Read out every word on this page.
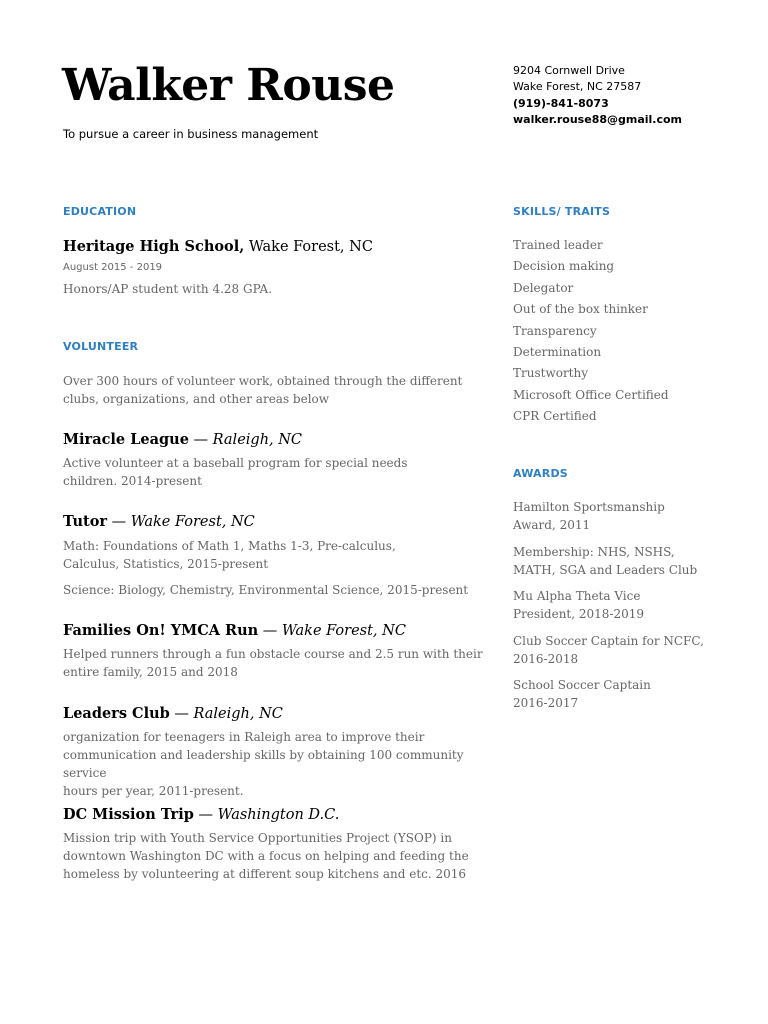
Walker Rouse
To pursue a career in business management
9204 Cornwell Drive
Wake Forest, NC 27587
(919)-841-8073
walker.rouse88@gmail.com
EDUCATION
Heritage High School, Wake Forest, NC
August 2015 - 2019
Honors/AP student with 4.28 GPA.
VOLUNTEER
Over 300 hours of volunteer work, obtained through the different clubs, organizations, and other areas below
Miracle League — Raleigh, NC
Active volunteer at a baseball program for special needs
children. 2014-present
Tutor — Wake Forest, NC
Math: Foundations of Math 1, Maths 1-3, Pre-calculus,
Calculus, Statistics, 2015-present
Science: Biology, Chemistry, Environmental Science, 2015-present
Families On! YMCA Run — Wake Forest, NC
Helped runners through a fun obstacle course and 2.5 run with their
entire family, 2015 and 2018
Leaders Club — Raleigh, NC
organization for teenagers in Raleigh area to improve their
communication and leadership skills by obtaining 100 community service
hours per year, 2011-present.
DC Mission Trip — Washington D.C.
Mission trip with Youth Service Opportunities Project (YSOP) in
downtown Washington DC with a focus on helping and feeding the
homeless by volunteering at different soup kitchens and etc. 2016
SKILLS/ TRAITS
Trained leader
Decision making
Delegator
Out of the box thinker
Transparency
Determination
Trustworthy
Microsoft Office Certified
CPR Certified
AWARDS
Hamilton Sportsmanship
Award, 2011
Membership: NHS, NSHS,
MATH, SGA and Leaders Club
Mu Alpha Theta Vice
President, 2018-2019
Club Soccer Captain for NCFC,
2016-2018
School Soccer Captain
2016-2017
